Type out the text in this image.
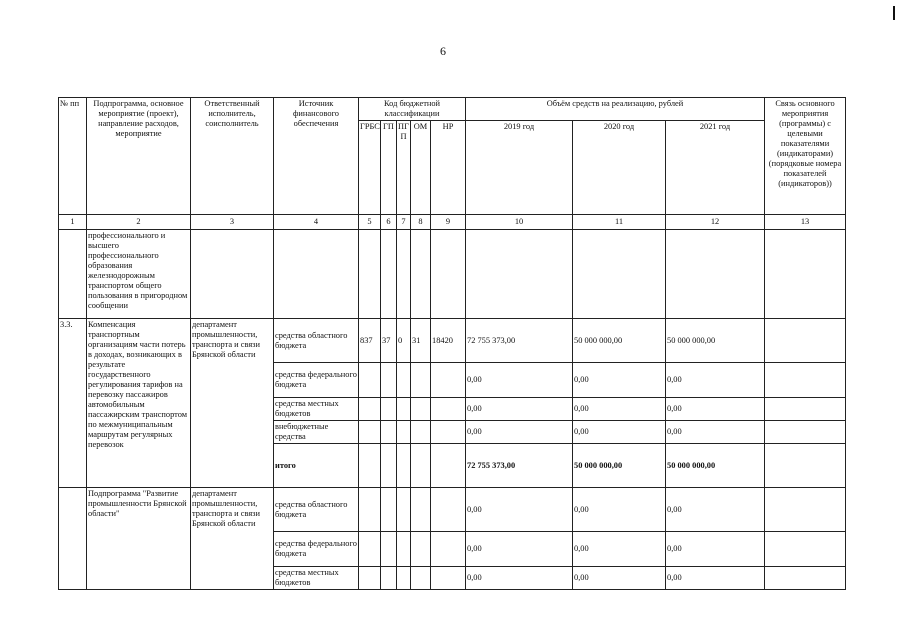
6
№ пп	Подпрограмма, основное мероприятие (проект), направление расходов, мероприятие	Ответственный исполнитель, соисполнитель	Источник финансового обеспечения	Код бюджетной классификации					Объём средств на реализацию, рублей			Связь основного мероприятия (программы) с целевыми показателями (индикаторами) (порядковые номера показателей (индикаторов))
				ГРБС	ГП	ПГ П	ОМ	НР	2019 год	2020 год	2021 год	
1	2	3	4	5	6	7	8	9	10	11	12	13
	профессионального и высшего профессионального образования железнодорожным транспортом общего пользования в пригородном сообщении											
3.3.	Компенсация транспортным организациям части потерь в доходах, возникающих в результате государственного регулирования тарифов на перевозку пассажиров автомобильным пассажирским транспортом по межмуниципальным маршрутам регулярных перевозок	департамент промышленности, транспорта и связи Брянской области	средства областного бюджета	837	37	0	31	18420	72 755 373,00	50 000 000,00	50 000 000,00	
			средства федерального бюджета						0,00	0,00	0,00	
			средства местных бюджетов						0,00	0,00	0,00	
			внебюджетные средства						0,00	0,00	0,00	
			итого						72 755 373,00	50 000 000,00	50 000 000,00	
	Подпрограмма "Развитие промышленности Брянской области"	департамент промышленности, транспорта и связи Брянской области	средства областного бюджета						0,00	0,00	0,00	
			средства федерального бюджета						0,00	0,00	0,00	
			средства местных бюджетов						0,00	0,00	0,00	
